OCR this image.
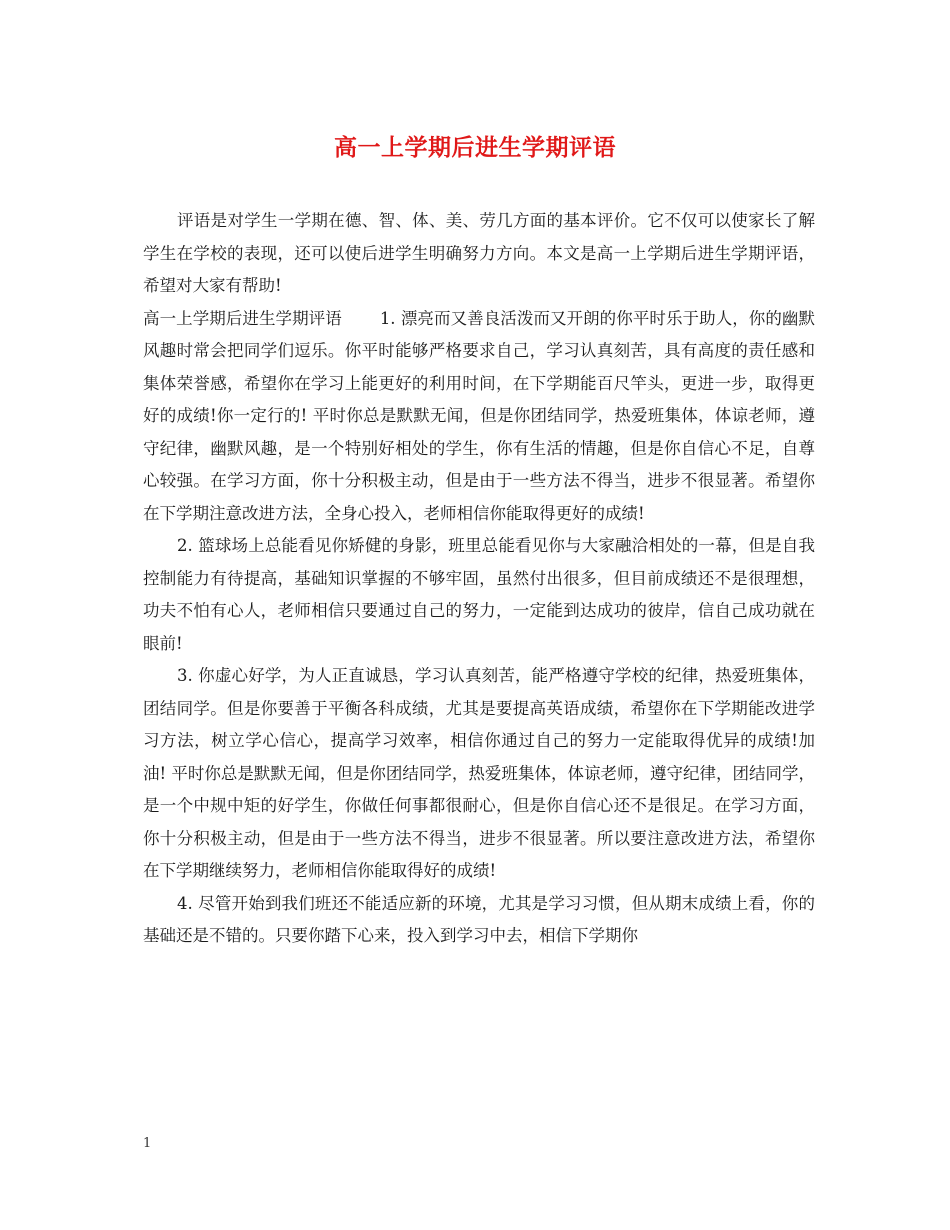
高一上学期后进生学期评语

评语是对学生一学期在德、智、体、美、劳几方面的基本评价。它不仅可以使家长了解学生在学校的表现，还可以使后进学生明确努力方向。本文是高一上学期后进生学期评语，希望对大家有帮助!

高一上学期后进生学期评语 1. 漂亮而又善良活泼而又开朗的你平时乐于助人，你的幽默风趣时常会把同学们逗乐。你平时能够严格要求自己，学习认真刻苦，具有高度的责任感和集体荣誉感，希望你在学习上能更好的利用时间，在下学期能百尺竿头，更进一步，取得更好的成绩!你一定行的! 平时你总是默默无闻，但是你团结同学，热爱班集体，体谅老师，遵守纪律，幽默风趣，是一个特别好相处的学生，你有生活的情趣，但是你自信心不足，自尊心较强。在学习方面，你十分积极主动，但是由于一些方法不得当，进步不很显著。希望你在下学期注意改进方法，全身心投入，老师相信你能取得更好的成绩!

2. 篮球场上总能看见你矫健的身影，班里总能看见你与大家融洽相处的一幕，但是自我控制能力有待提高，基础知识掌握的不够牢固，虽然付出很多，但目前成绩还不是很理想，功夫不怕有心人，老师相信只要通过自己的努力，一定能到达成功的彼岸，信自己成功就在眼前!

3. 你虚心好学，为人正直诚恳，学习认真刻苦，能严格遵守学校的纪律，热爱班集体，团结同学。但是你要善于平衡各科成绩，尤其是要提高英语成绩，希望你在下学期能改进学习方法，树立学心信心，提高学习效率，相信你通过自己的努力一定能取得优异的成绩!加油! 平时你总是默默无闻，但是你团结同学，热爱班集体，体谅老师，遵守纪律，团结同学，是一个中规中矩的好学生，你做任何事都很耐心，但是你自信心还不是很足。在学习方面，你十分积极主动，但是由于一些方法不得当，进步不很显著。所以要注意改进方法，希望你在下学期继续努力，老师相信你能取得好的成绩!

4. 尽管开始到我们班还不能适应新的环境，尤其是学习习惯，但从期末成绩上看，你的基础还是不错的。只要你踏下心来，投入到学习中去，相信下学期你

1
